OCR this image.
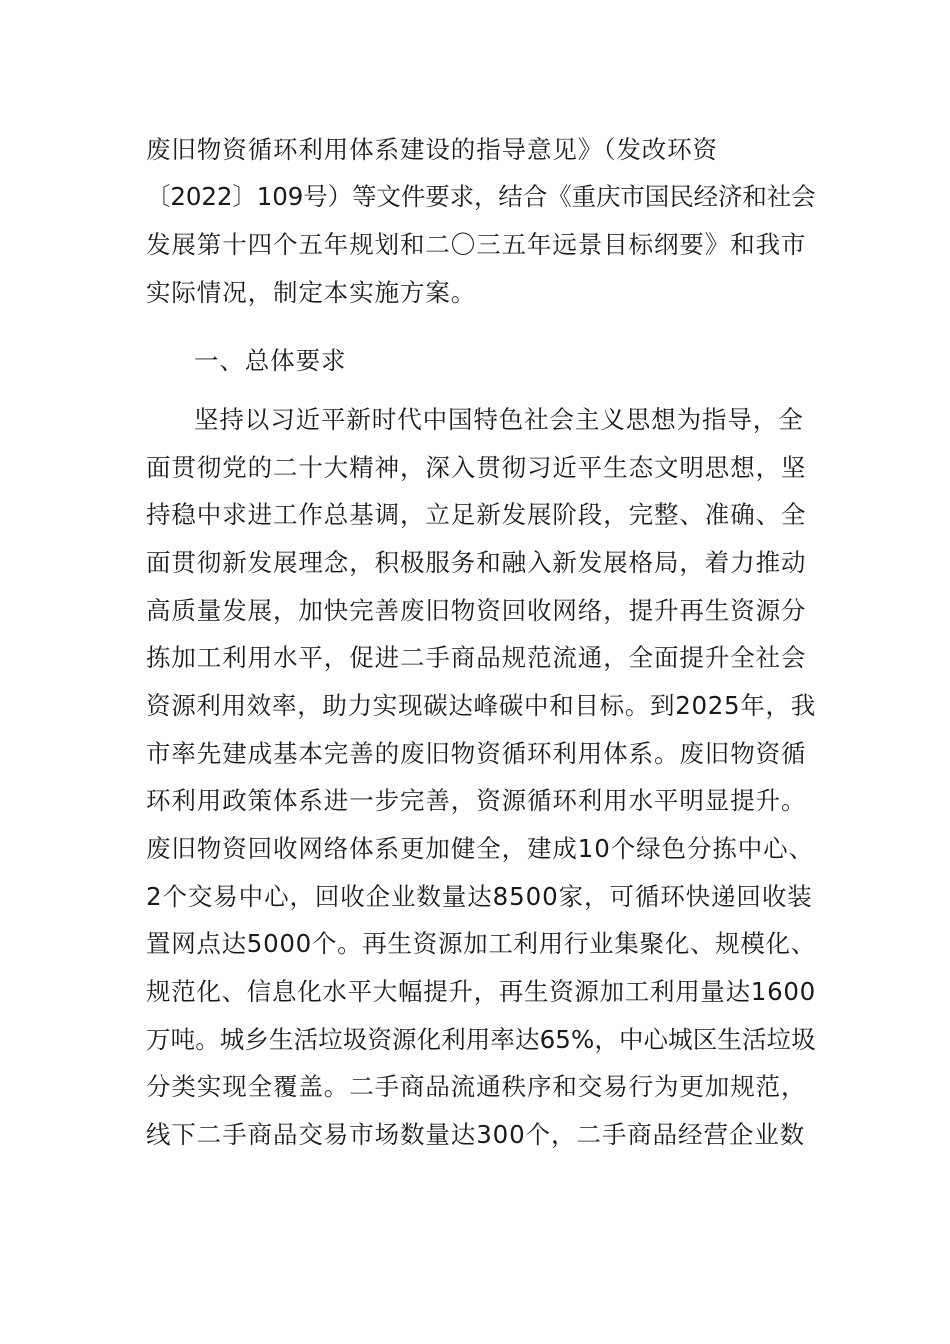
废旧物资循环利用体系建设的指导意见》（发改环资
〔2022〕109号）等文件要求，结合《重庆市国民经济和社会
发展第十四个五年规划和二〇三五年远景目标纲要》和我市
实际情况，制定本实施方案。
一、总体要求
坚持以习近平新时代中国特色社会主义思想为指导，全
面贯彻党的二十大精神，深入贯彻习近平生态文明思想，坚
持稳中求进工作总基调，立足新发展阶段，完整、准确、全
面贯彻新发展理念，积极服务和融入新发展格局，着力推动
高质量发展，加快完善废旧物资回收网络，提升再生资源分
拣加工利用水平，促进二手商品规范流通，全面提升全社会
资源利用效率，助力实现碳达峰碳中和目标。到2025年，我
市率先建成基本完善的废旧物资循环利用体系。废旧物资循
环利用政策体系进一步完善，资源循环利用水平明显提升。
废旧物资回收网络体系更加健全，建成10个绿色分拣中心、
2个交易中心，回收企业数量达8500家，可循环快递回收装
置网点达5000个。再生资源加工利用行业集聚化、规模化、
规范化、信息化水平大幅提升，再生资源加工利用量达1600
万吨。城乡生活垃圾资源化利用率达65%，中心城区生活垃圾
分类实现全覆盖。二手商品流通秩序和交易行为更加规范，
线下二手商品交易市场数量达300个，二手商品经营企业数
